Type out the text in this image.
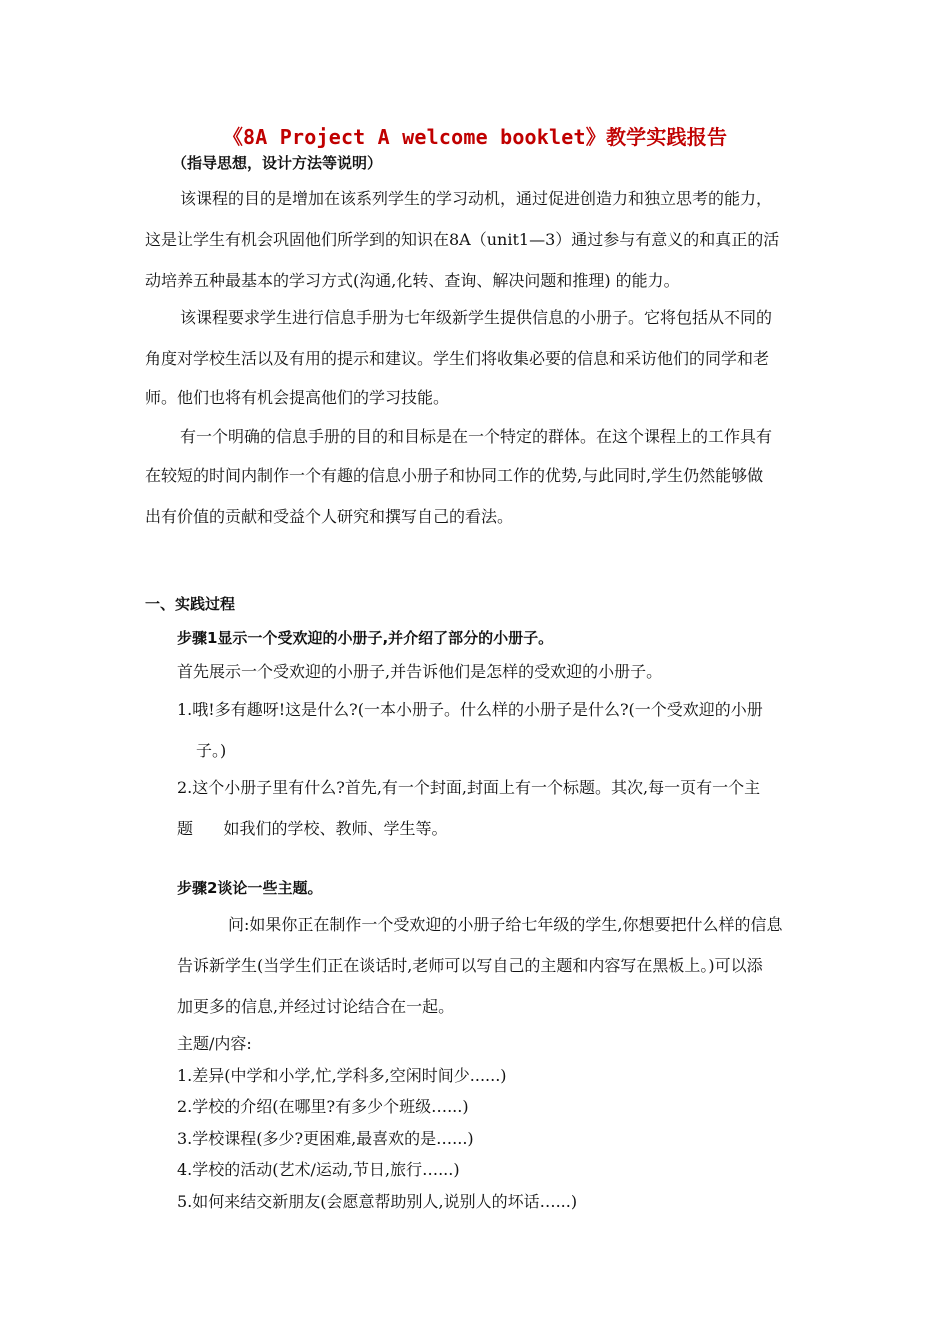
《8A Project A welcome booklet》教学实践报告
（指导思想，设计方法等说明）
该课程的目的是增加在该系列学生的学习动机，通过促进创造力和独立思考的能力，
这是让学生有机会巩固他们所学到的知识在8A（unit1—3）通过参与有意义的和真正的活
动培养五种最基本的学习方式(沟通,化转、查询、解决问题和推理) 的能力。
该课程要求学生进行信息手册为七年级新学生提供信息的小册子。它将包括从不同的
角度对学校生活以及有用的提示和建议。学生们将收集必要的信息和采访他们的同学和老
师。他们也将有机会提高他们的学习技能。
有一个明确的信息手册的目的和目标是在一个特定的群体。在这个课程上的工作具有
在较短的时间内制作一个有趣的信息小册子和协同工作的优势,与此同时,学生仍然能够做
出有价值的贡献和受益个人研究和撰写自己的看法。
一、实践过程
步骤1显示一个受欢迎的小册子,并介绍了部分的小册子。
首先展示一个受欢迎的小册子,并告诉他们是怎样的受欢迎的小册子。
1.哦!多有趣呀!这是什么?(一本小册子。什么样的小册子是什么?(一个受欢迎的小册
子。)
2.这个小册子里有什么?首先,有一个封面,封面上有一个标题。其次,每一页有一个主
题      如我们的学校、教师、学生等。
步骤2谈论一些主题。
问:如果你正在制作一个受欢迎的小册子给七年级的学生,你想要把什么样的信息
告诉新学生(当学生们正在谈话时,老师可以写自己的主题和内容写在黑板上。)可以添
加更多的信息,并经过讨论结合在一起。
主题/内容:
1.差异(中学和小学,忙,学科多,空闲时间少......)
2.学校的介绍(在哪里?有多少个班级…...)
3.学校课程(多少?更困难,最喜欢的是…...)
4.学校的活动(艺术/运动,节日,旅行…...)
5.如何来结交新朋友(会愿意帮助别人,说别人的坏话…...)
